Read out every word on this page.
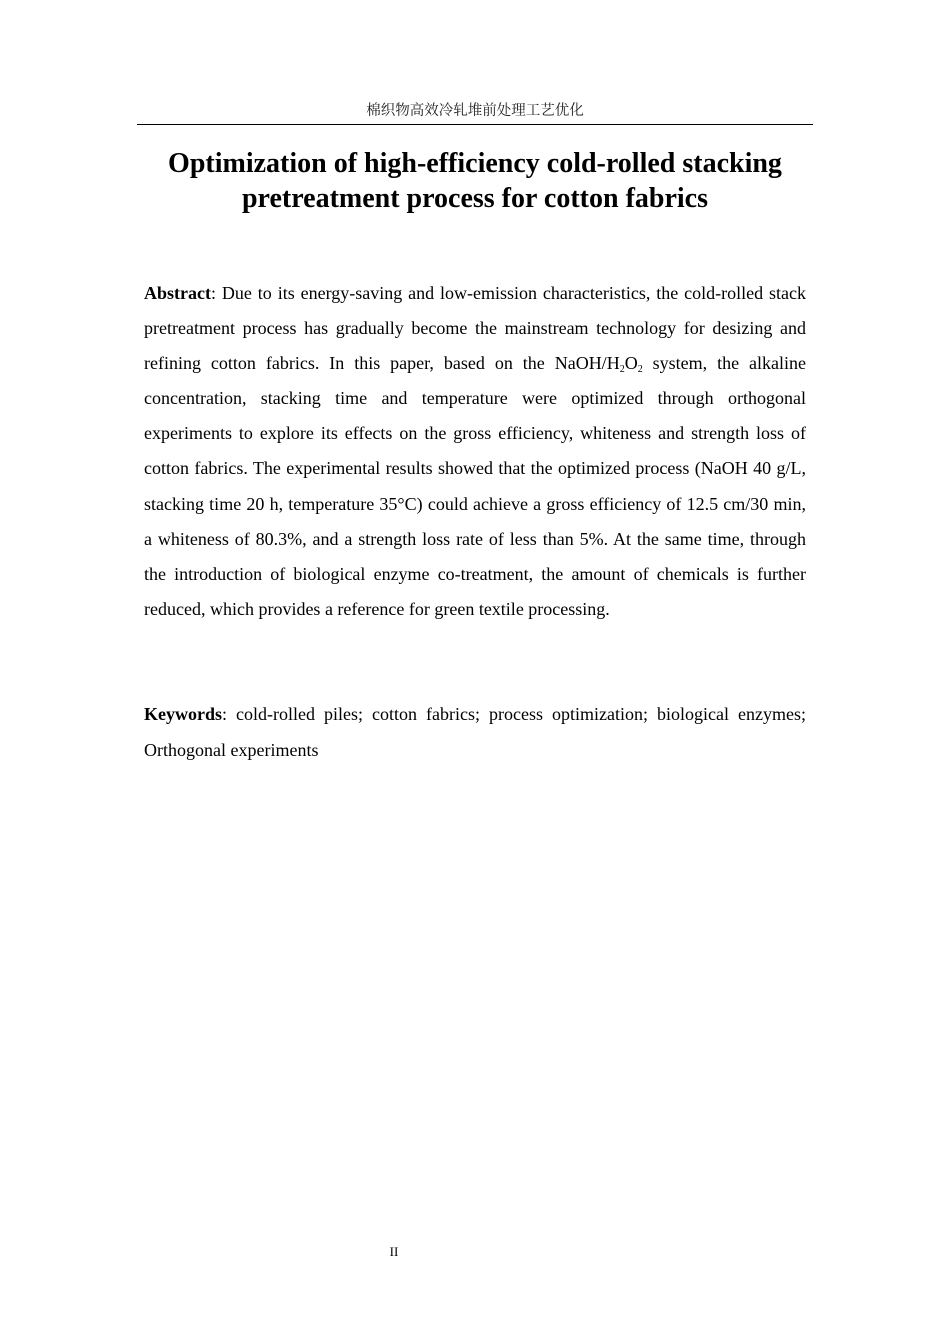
棉织物高效冷轧堆前处理工艺优化
Optimization of high-efficiency cold-rolled stacking
pretreatment process for cotton fabrics

Abstract: Due to its energy-saving and low-emission characteristics, the cold-rolled stack pretreatment process has gradually become the mainstream technology for desizing and refining cotton fabrics. In this paper, based on the NaOH/$H_2O_2$ system, the alkaline concentration, stacking time and temperature were optimized through orthogonal experiments to explore its effects on the gross efficiency, whiteness and strength loss of cotton fabrics. The experimental results showed that the optimized process (NaOH 40 g/L, stacking time 20 h, temperature 35°C) could achieve a gross efficiency of 12.5 cm/30 min, a whiteness of 80.3%, and a strength loss rate of less than 5%. At the same time, through the introduction of biological enzyme co-treatment, the amount of chemicals is further reduced, which provides a reference for green textile processing.

Keywords: cold-rolled piles; cotton fabrics; process optimization; biological enzymes; Orthogonal experiments

II
